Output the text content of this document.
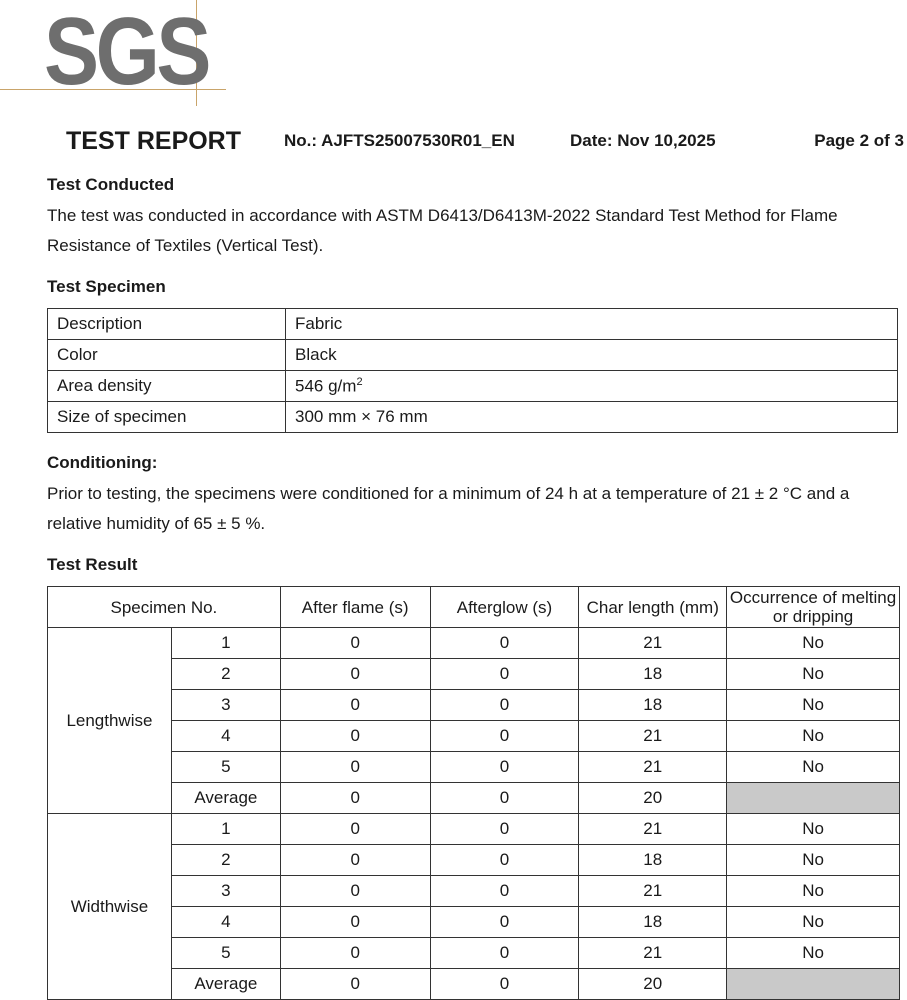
SGS
TEST REPORT	No.: AJFTS25007530R01_EN	Date: Nov 10,2025	Page 2 of 3
Test Conducted
The test was conducted in accordance with ASTM D6413/D6413M-2022 Standard Test Method for Flame Resistance of Textiles (Vertical Test).
Test Specimen
Description	Fabric
Color	Black
Area density	546 $g/m^2$
Size of specimen	300 mm × 76 mm
Conditioning:
Prior to testing, the specimens were conditioned for a minimum of 24 h at a temperature of 21 ± 2 °C and a relative humidity of 65 ± 5 %.
Test Result
Specimen No.		After flame (s)	Afterglow (s)	Char length (mm)	Occurrence of melting or dripping
Lengthwise	1	0	0	21	No
	2	0	0	18	No
	3	0	0	18	No
	4	0	0	21	No
	5	0	0	21	No
	Average	0	0	20	
Widthwise	1	0	0	21	No
	2	0	0	18	No
	3	0	0	21	No
	4	0	0	18	No
	5	0	0	21	No
	Average	0	0	20	
